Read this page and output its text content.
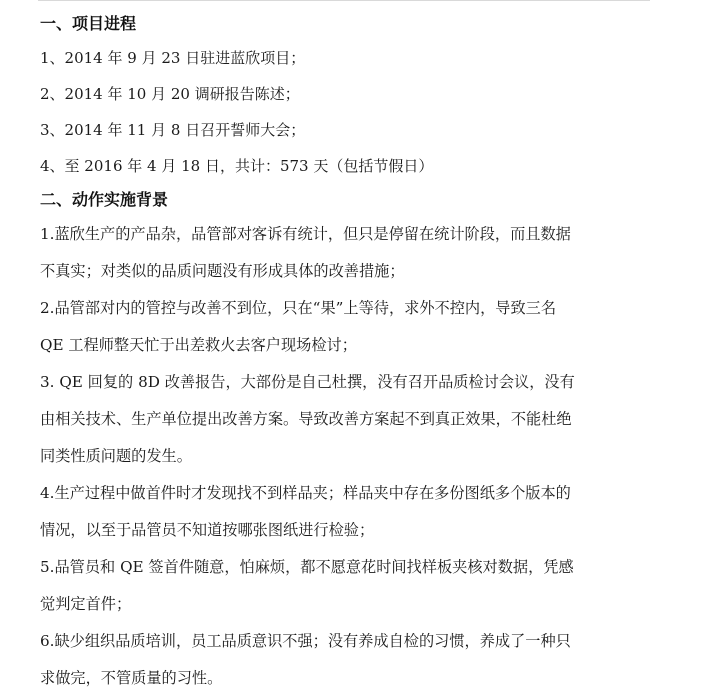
一、项目进程
1、2014 年 9 月 23 日驻进蓝欣项目；
2、2014 年 10 月 20 调研报告陈述；
3、2014 年 11 月 8 日召开誓师大会；
4、至 2016 年 4 月 18 日，共计：573 天（包括节假日）
二、动作实施背景
1.蓝欣生产的产品杂，品管部对客诉有统计，但只是停留在统计阶段，而且数据
不真实；对类似的品质问题没有形成具体的改善措施；
2.品管部对内的管控与改善不到位，只在“果”上等待，求外不控内，导致三名
QE 工程师整天忙于出差救火去客户现场检讨；
3. QE 回复的 8D 改善报告，大部份是自己杜撰，没有召开品质检讨会议，没有
由相关技术、生产单位提出改善方案。导致改善方案起不到真正效果，不能杜绝
同类性质问题的发生。
4.生产过程中做首件时才发现找不到样品夹；样品夹中存在多份图纸多个版本的
情况，以至于品管员不知道按哪张图纸进行检验；
5.品管员和 QE 签首件随意，怕麻烦，都不愿意花时间找样板夹核对数据，凭感
觉判定首件；
6.缺少组织品质培训，员工品质意识不强；没有养成自检的习惯，养成了一种只
求做完，不管质量的习性。
